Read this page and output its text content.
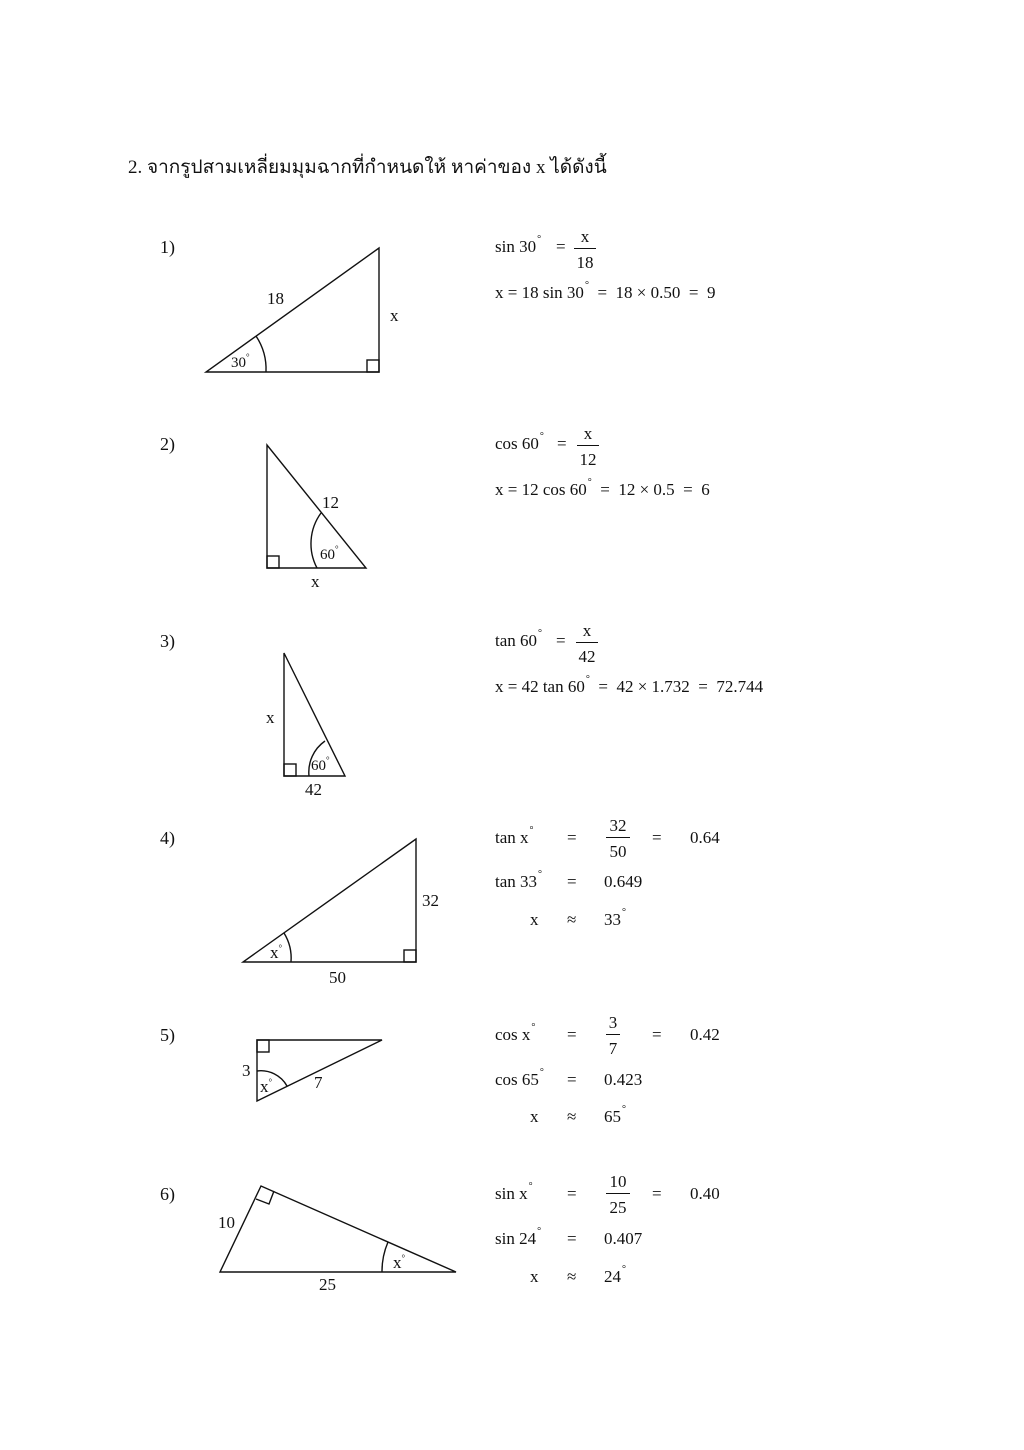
2. จากรูปสามเหลี่ยมมุมฉากที่กำหนดให้ หาค่าของ x ได้ดังนี้
18
x
30°
12
x
60°
x
42
60°
32
50
x°
3
7
x°
10
25
x°
1)
2)
3)
4)
5)
6)
sin 30° =
x
18
x = 18 sin 30°  =  18 × 0.50  =  9
cos 60° =
x
12
x = 12 cos 60°  =  12 × 0.5  =  6
tan 60° =
x
42
x = 42 tan 60°  =  42 × 1.732  =  72.744
tan x° =
32
50
= 0.64
tan 33° = 0.649
x ≈ 33°
cos x° =
3
7
= 0.42
cos 65° = 0.423
x ≈ 65°
sin x° =
10
25
= 0.40
sin 24° = 0.407
x ≈ 24°
